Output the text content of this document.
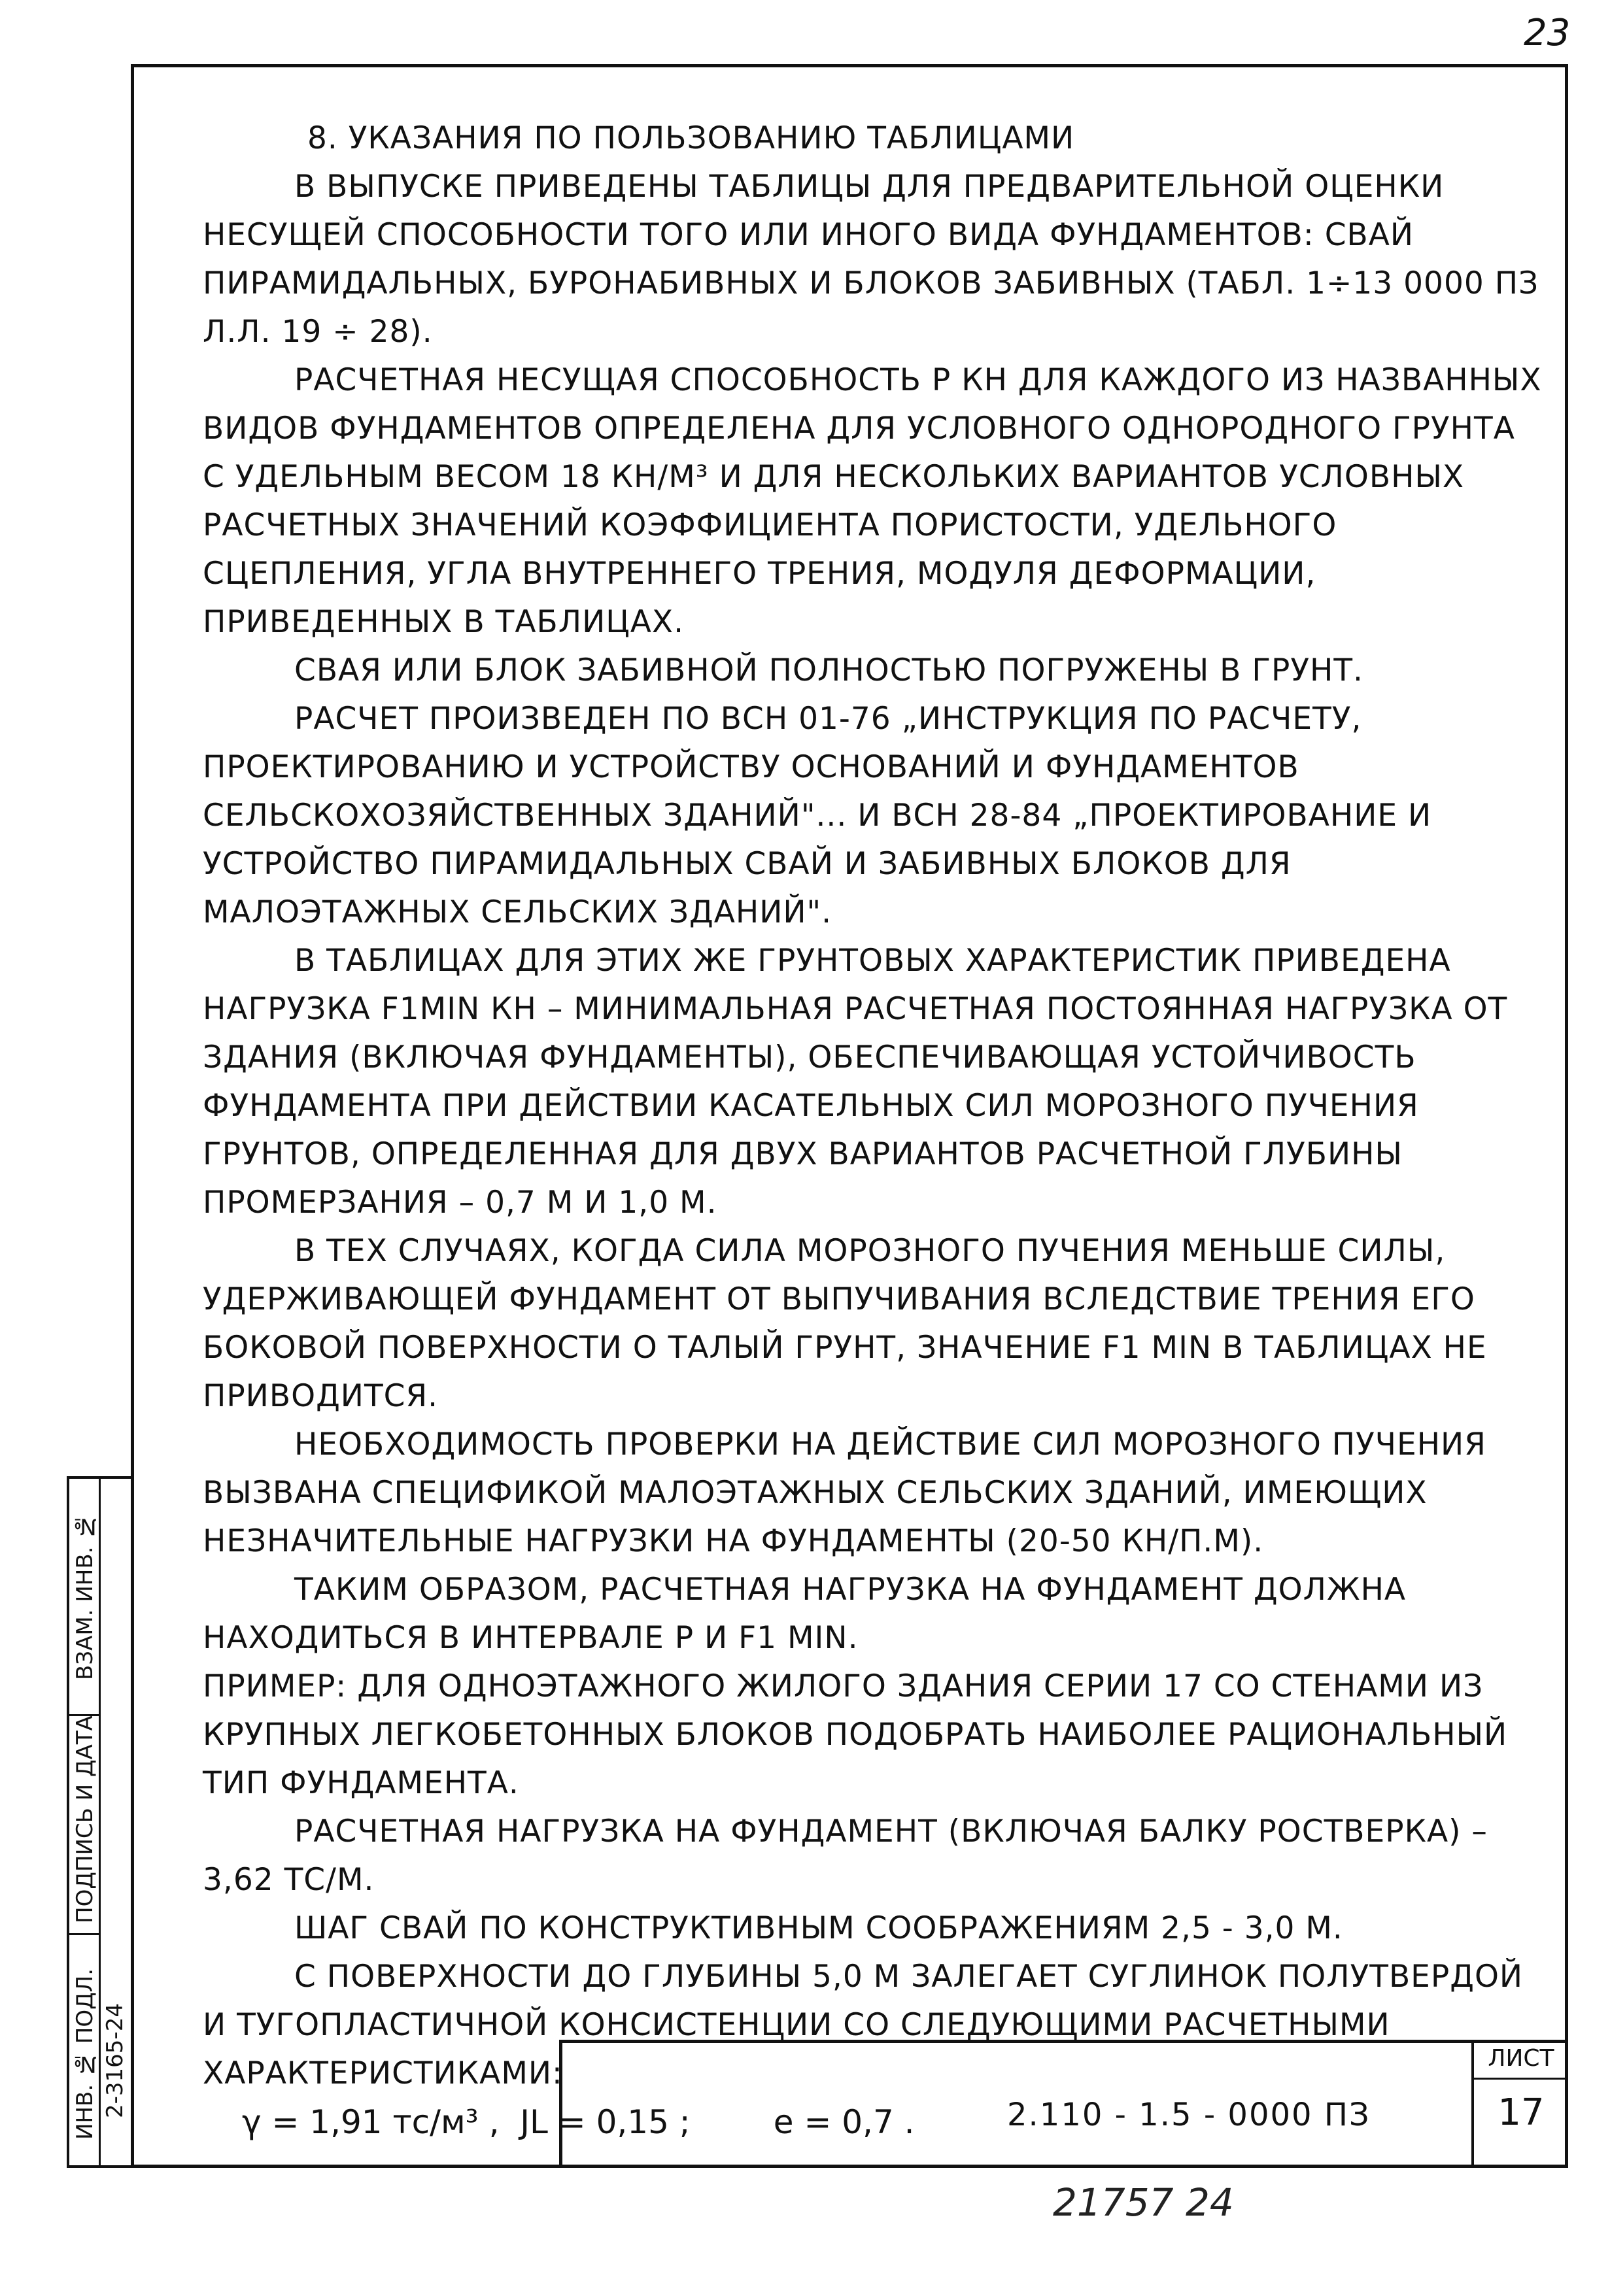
23

8. УКАЗАНИЯ ПО ПОЛЬЗОВАНИЮ ТАБЛИЦАМИ

В ВЫПУСКЕ ПРИВЕДЕНЫ ТАБЛИЦЫ ДЛЯ ПРЕДВАРИТЕЛЬНОЙ ОЦЕНКИ НЕСУЩЕЙ СПОСОБНОСТИ ТОГО ИЛИ ИНОГО ВИДА ФУНДАМЕНТОВ: СВАЙ ПИРАМИДАЛЬНЫХ, БУРОНАБИВНЫХ И БЛОКОВ ЗАБИВНЫХ (ТАБЛ. 1÷13 0000 ПЗ Л.Л. 19 ÷ 28).

РАСЧЕТНАЯ НЕСУЩАЯ СПОСОБНОСТЬ Р КН ДЛЯ КАЖДОГО ИЗ НАЗВАННЫХ ВИДОВ ФУНДАМЕНТОВ ОПРЕДЕЛЕНА ДЛЯ УСЛОВНОГО ОДНОРОДНОГО ГРУНТА С УДЕЛЬНЫМ ВЕСОМ 18 КН/М³ И ДЛЯ НЕСКОЛЬКИХ ВАРИАНТОВ УСЛОВНЫХ РАСЧЕТНЫХ ЗНАЧЕНИЙ КОЭФФИЦИЕНТА ПОРИСТОСТИ, УДЕЛЬНОГО СЦЕПЛЕНИЯ, УГЛА ВНУТРЕННЕГО ТРЕНИЯ, МОДУЛЯ ДЕФОРМАЦИИ, ПРИВЕДЕННЫХ В ТАБЛИЦАХ.

СВАЯ ИЛИ БЛОК ЗАБИВНОЙ ПОЛНОСТЬЮ ПОГРУЖЕНЫ В ГРУНТ.

РАСЧЕТ ПРОИЗВЕДЕН ПО ВСН 01-76 „ИНСТРУКЦИЯ ПО РАСЧЕТУ, ПРОЕКТИРОВАНИЮ И УСТРОЙСТВУ ОСНОВАНИЙ И ФУНДАМЕНТОВ СЕЛЬСКОХОЗЯЙСТВЕННЫХ ЗДАНИЙ"... И ВСН 28-84 „ПРОЕКТИРОВАНИЕ И УСТРОЙСТВО ПИРАМИДАЛЬНЫХ СВАЙ И ЗАБИВНЫХ БЛОКОВ ДЛЯ МАЛОЭТАЖНЫХ СЕЛЬСКИХ ЗДАНИЙ".

В ТАБЛИЦАХ ДЛЯ ЭТИХ ЖЕ ГРУНТОВЫХ ХАРАКТЕРИСТИК ПРИВЕДЕНА НАГРУЗКА F1MIN КН – МИНИМАЛЬНАЯ РАСЧЕТНАЯ ПОСТОЯННАЯ НАГРУЗКА ОТ ЗДАНИЯ (ВКЛЮЧАЯ ФУНДАМЕНТЫ), ОБЕСПЕЧИВАЮЩАЯ УСТОЙЧИВОСТЬ ФУНДАМЕНТА ПРИ ДЕЙСТВИИ КАСАТЕЛЬНЫХ СИЛ МОРОЗНОГО ПУЧЕНИЯ ГРУНТОВ, ОПРЕДЕЛЕННАЯ ДЛЯ ДВУХ ВАРИАНТОВ РАСЧЕТНОЙ ГЛУБИНЫ ПРОМЕРЗАНИЯ – 0,7 М И 1,0 М.

В ТЕХ СЛУЧАЯХ, КОГДА СИЛА МОРОЗНОГО ПУЧЕНИЯ МЕНЬШЕ СИЛЫ, УДЕРЖИВАЮЩЕЙ ФУНДАМЕНТ ОТ ВЫПУЧИВАНИЯ ВСЛЕДСТВИЕ ТРЕНИЯ ЕГО БОКОВОЙ ПОВЕРХНОСТИ О ТАЛЫЙ ГРУНТ, ЗНАЧЕНИЕ F1 MIN В ТАБЛИЦАХ НЕ ПРИВОДИТСЯ.

НЕОБХОДИМОСТЬ ПРОВЕРКИ НА ДЕЙСТВИЕ СИЛ МОРОЗНОГО ПУЧЕНИЯ ВЫЗВАНА СПЕЦИФИКОЙ МАЛОЭТАЖНЫХ СЕЛЬСКИХ ЗДАНИЙ, ИМЕЮЩИХ НЕЗНАЧИТЕЛЬНЫЕ НАГРУЗКИ НА ФУНДАМЕНТЫ (20-50 КН/П.М).

ТАКИМ ОБРАЗОМ, РАСЧЕТНАЯ НАГРУЗКА НА ФУНДАМЕНТ ДОЛЖНА НАХОДИТЬСЯ В ИНТЕРВАЛЕ Р И F1 MIN.

ПРИМЕР: ДЛЯ ОДНОЭТАЖНОГО ЖИЛОГО ЗДАНИЯ СЕРИИ 17 СО СТЕНАМИ ИЗ КРУПНЫХ ЛЕГКОБЕТОННЫХ БЛОКОВ ПОДОБРАТЬ НАИБОЛЕЕ РАЦИОНАЛЬНЫЙ ТИП ФУНДАМЕНТА.

РАСЧЕТНАЯ НАГРУЗКА НА ФУНДАМЕНТ (ВКЛЮЧАЯ БАЛКУ РОСТВЕРКА) – 3,62 ТС/М.

ШАГ СВАЙ ПО КОНСТРУКТИВНЫМ СООБРАЖЕНИЯМ 2,5 - 3,0 М.

С ПОВЕРХНОСТИ ДО ГЛУБИНЫ 5,0 М ЗАЛЕГАЕТ СУГЛИНОК ПОЛУТВЕРДОЙ И ТУГОПЛАСТИЧНОЙ КОНСИСТЕНЦИИ СО СЛЕДУЮЩИМИ РАСЧЕТНЫМИ ХАРАКТЕРИСТИКАМИ:

γ = 1,91 тс/м³ ,  JL = 0,15 ;        e = 0,7 .

ВЗАМ. ИНВ. №
ПОДПИСЬ И ДАТА
ИНВ. № ПОДЛ. 2-3165-24	2.110 - 1.5 - 0000 ПЗ
ЛИСТ
17
21757 24
